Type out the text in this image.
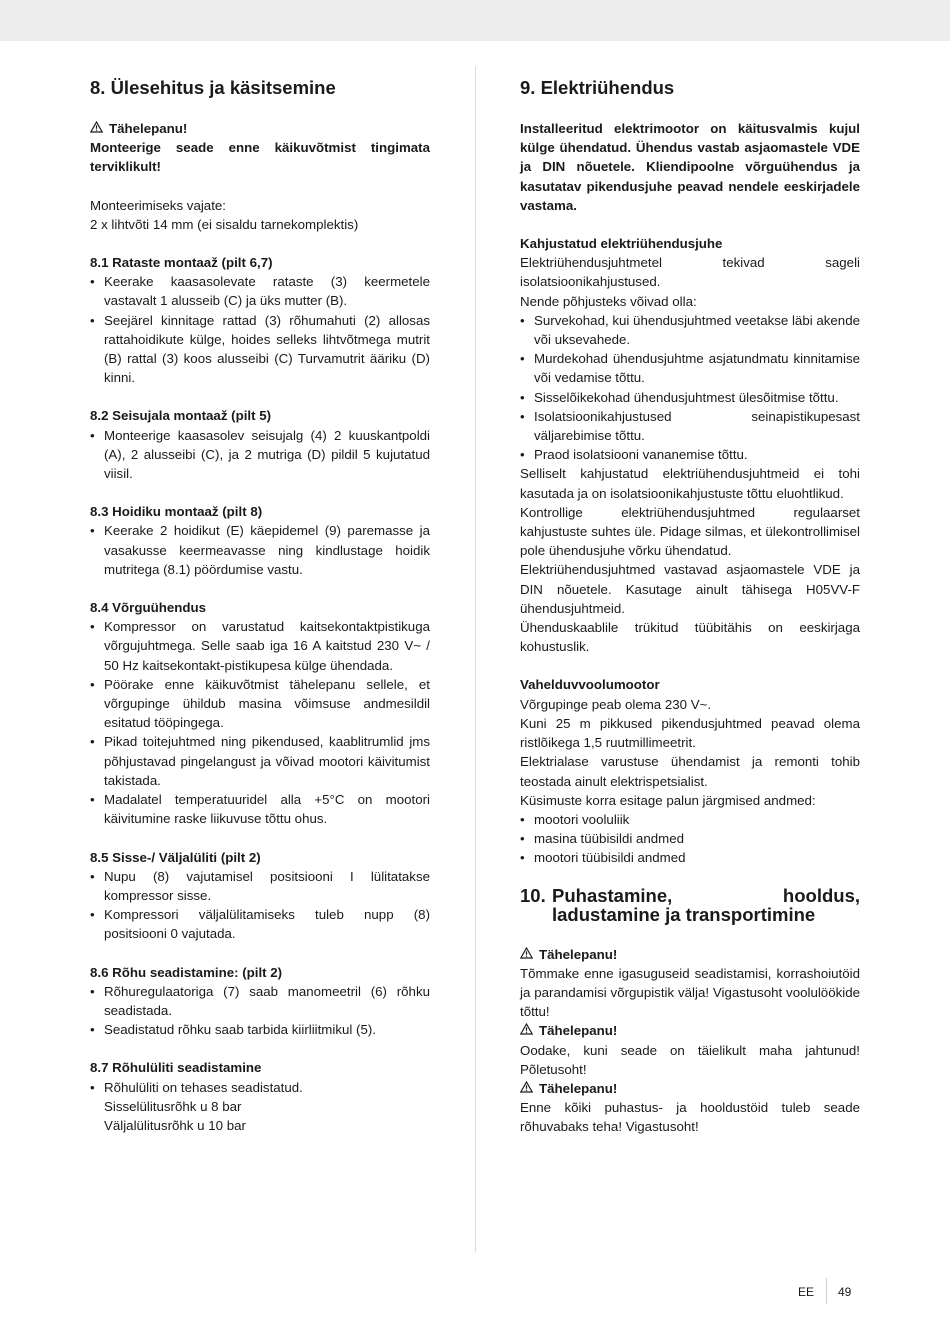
8. Ülesehitus ja käsitsemine
Tähelepanu!

Monteerige seade enne käikuvõtmist tingimata terviklikult!

Monteerimiseks vajate:

2 x lihtvõti 14 mm (ei sisaldu tarnekomplektis)

8.1 Rataste montaaž (pilt 6,7)

• Keerake kaasasolevate rataste (3) keermetele vastavalt 1 alusseib (C) ja üks mutter (B).
• Seejärel kinnitage rattad (3) rõhumahuti (2) allosas rattahoidikute külge, hoides selleks lihtvõtmega mutrit (B) rattal (3) koos alusseibi (C) Turvamutrit ääriku (D) kinni.

8.2 Seisujala montaaž (pilt 5)

• Monteerige kaasasolev seisujalg (4) 2 kuuskantpoldi (A), 2 alusseibi (C), ja 2 mutriga (D) pildil 5 kujutatud viisil.

8.3 Hoidiku montaaž (pilt 8)

• Keerake 2 hoidikut (E) käepidemel (9) paremasse ja vasakusse keermeavasse ning kindlustage hoidik mutritega (8.1) pöördumise vastu.

8.4 Võrguühendus

• Kompressor on varustatud kaitsekontaktpistikuga võrgujuhtmega. Selle saab iga 16 A kaitstud 230 V~ / 50 Hz kaitsekontakt-pistikupesa külge ühendada.
• Pöörake enne käikuvõtmist tähelepanu sellele, et võrgupinge ühildub masina võimsuse andmesildil esitatud tööpingega.
• Pikad toitejuhtmed ning pikendused, kaablitrumlid jms põhjustavad pingelangust ja võivad mootori käivitumist takistada.
• Madalatel temperatuuridel alla +5°C on mootori käivitumine raske liikuvuse tõttu ohus.

8.5 Sisse-/ Väljalüliti (pilt 2)

• Nupu (8) vajutamisel positsiooni I lülitatakse kompressor sisse.
• Kompressori väljalülitamiseks tuleb nupp (8) positsiooni 0 vajutada.

8.6 Rõhu seadistamine: (pilt 2)

• Rõhuregulaatoriga (7) saab manomeetril (6) rõhku seadistada.
• Seadistatud rõhku saab tarbida kiirliitmikul (5).

8.7 Rõhulüliti seadistamine

• Rõhulüliti on tehases seadistatud.

Sisselülitusrõhk u 8 bar

Väljalülitusrõhk u 10 bar

9. Elektriühendus

Installeeritud elektrimootor on käitusvalmis kujul külge ühendatud. Ühendus vastab asjaomastele VDE ja DIN nõuetele. Kliendipoolne võrguühendus ja kasutatav pikendusjuhe peavad nendele eeskirjadele vastama.

Kahjustatud elektriühendusjuhe

Elektriühendusjuhtmetel tekivad sageli isolatsioonikahjustused.

Nende põhjusteks võivad olla:

• Survekohad, kui ühendusjuhtmed veetakse läbi akende või uksevahede.
• Murdekohad ühendusjuhtme asjatundmatu kinnitamise või vedamise tõttu.
• Sisselõikekohad ühendusjuhtmest ülesõitmise tõttu.
• Isolatsioonikahjustused seinapistikupesast väljarebimise tõttu.
• Praod isolatsiooni vananemise tõttu.

Selliselt kahjustatud elektriühendusjuhtmeid ei tohi kasutada ja on isolatsioonikahjustuste tõttu eluohtlikud.

Kontrollige elektriühendusjuhtmed regulaarset kahjustuste suhtes üle. Pidage silmas, et ülekontrollimisel pole ühendusjuhe võrku ühendatud.

Elektriühendusjuhtmed vastavad asjaomastele VDE ja DIN nõuetele. Kasutage ainult tähisega H05VV-F ühendusjuhtmeid.

Ühenduskaablile trükitud tüübitähis on eeskirjaga kohustuslik.

Vahelduvvoolumootor

Võrgupinge peab olema 230 V~.

Kuni 25 m pikkused pikendusjuhtmed peavad olema ristlõikega 1,5 ruutmillimeetrit.

Elektrialase varustuse ühendamist ja remonti tohib teostada ainult elektrispetsialist.

Küsimuste korra esitage palun järgmised andmed:

• mootori vooluliik
• masina tüübisildi andmed
• mootori tüübisildi andmed
10. Puhastamine, hooldus, ladustamine ja transportimine
Tähelepanu!

Tõmmake enne igasuguseid seadistamisi, korrashoiutöid ja parandamisi võrgupistik välja! Vigastusoht voolulöökide tõttu!

Tähelepanu!

Oodake, kuni seade on täielikult maha jahtunud! Põletusoht!

Tähelepanu!

Enne kõiki puhastus- ja hooldustöid tuleb seade rõhuvabaks teha! Vigastusoht!

EE 49
